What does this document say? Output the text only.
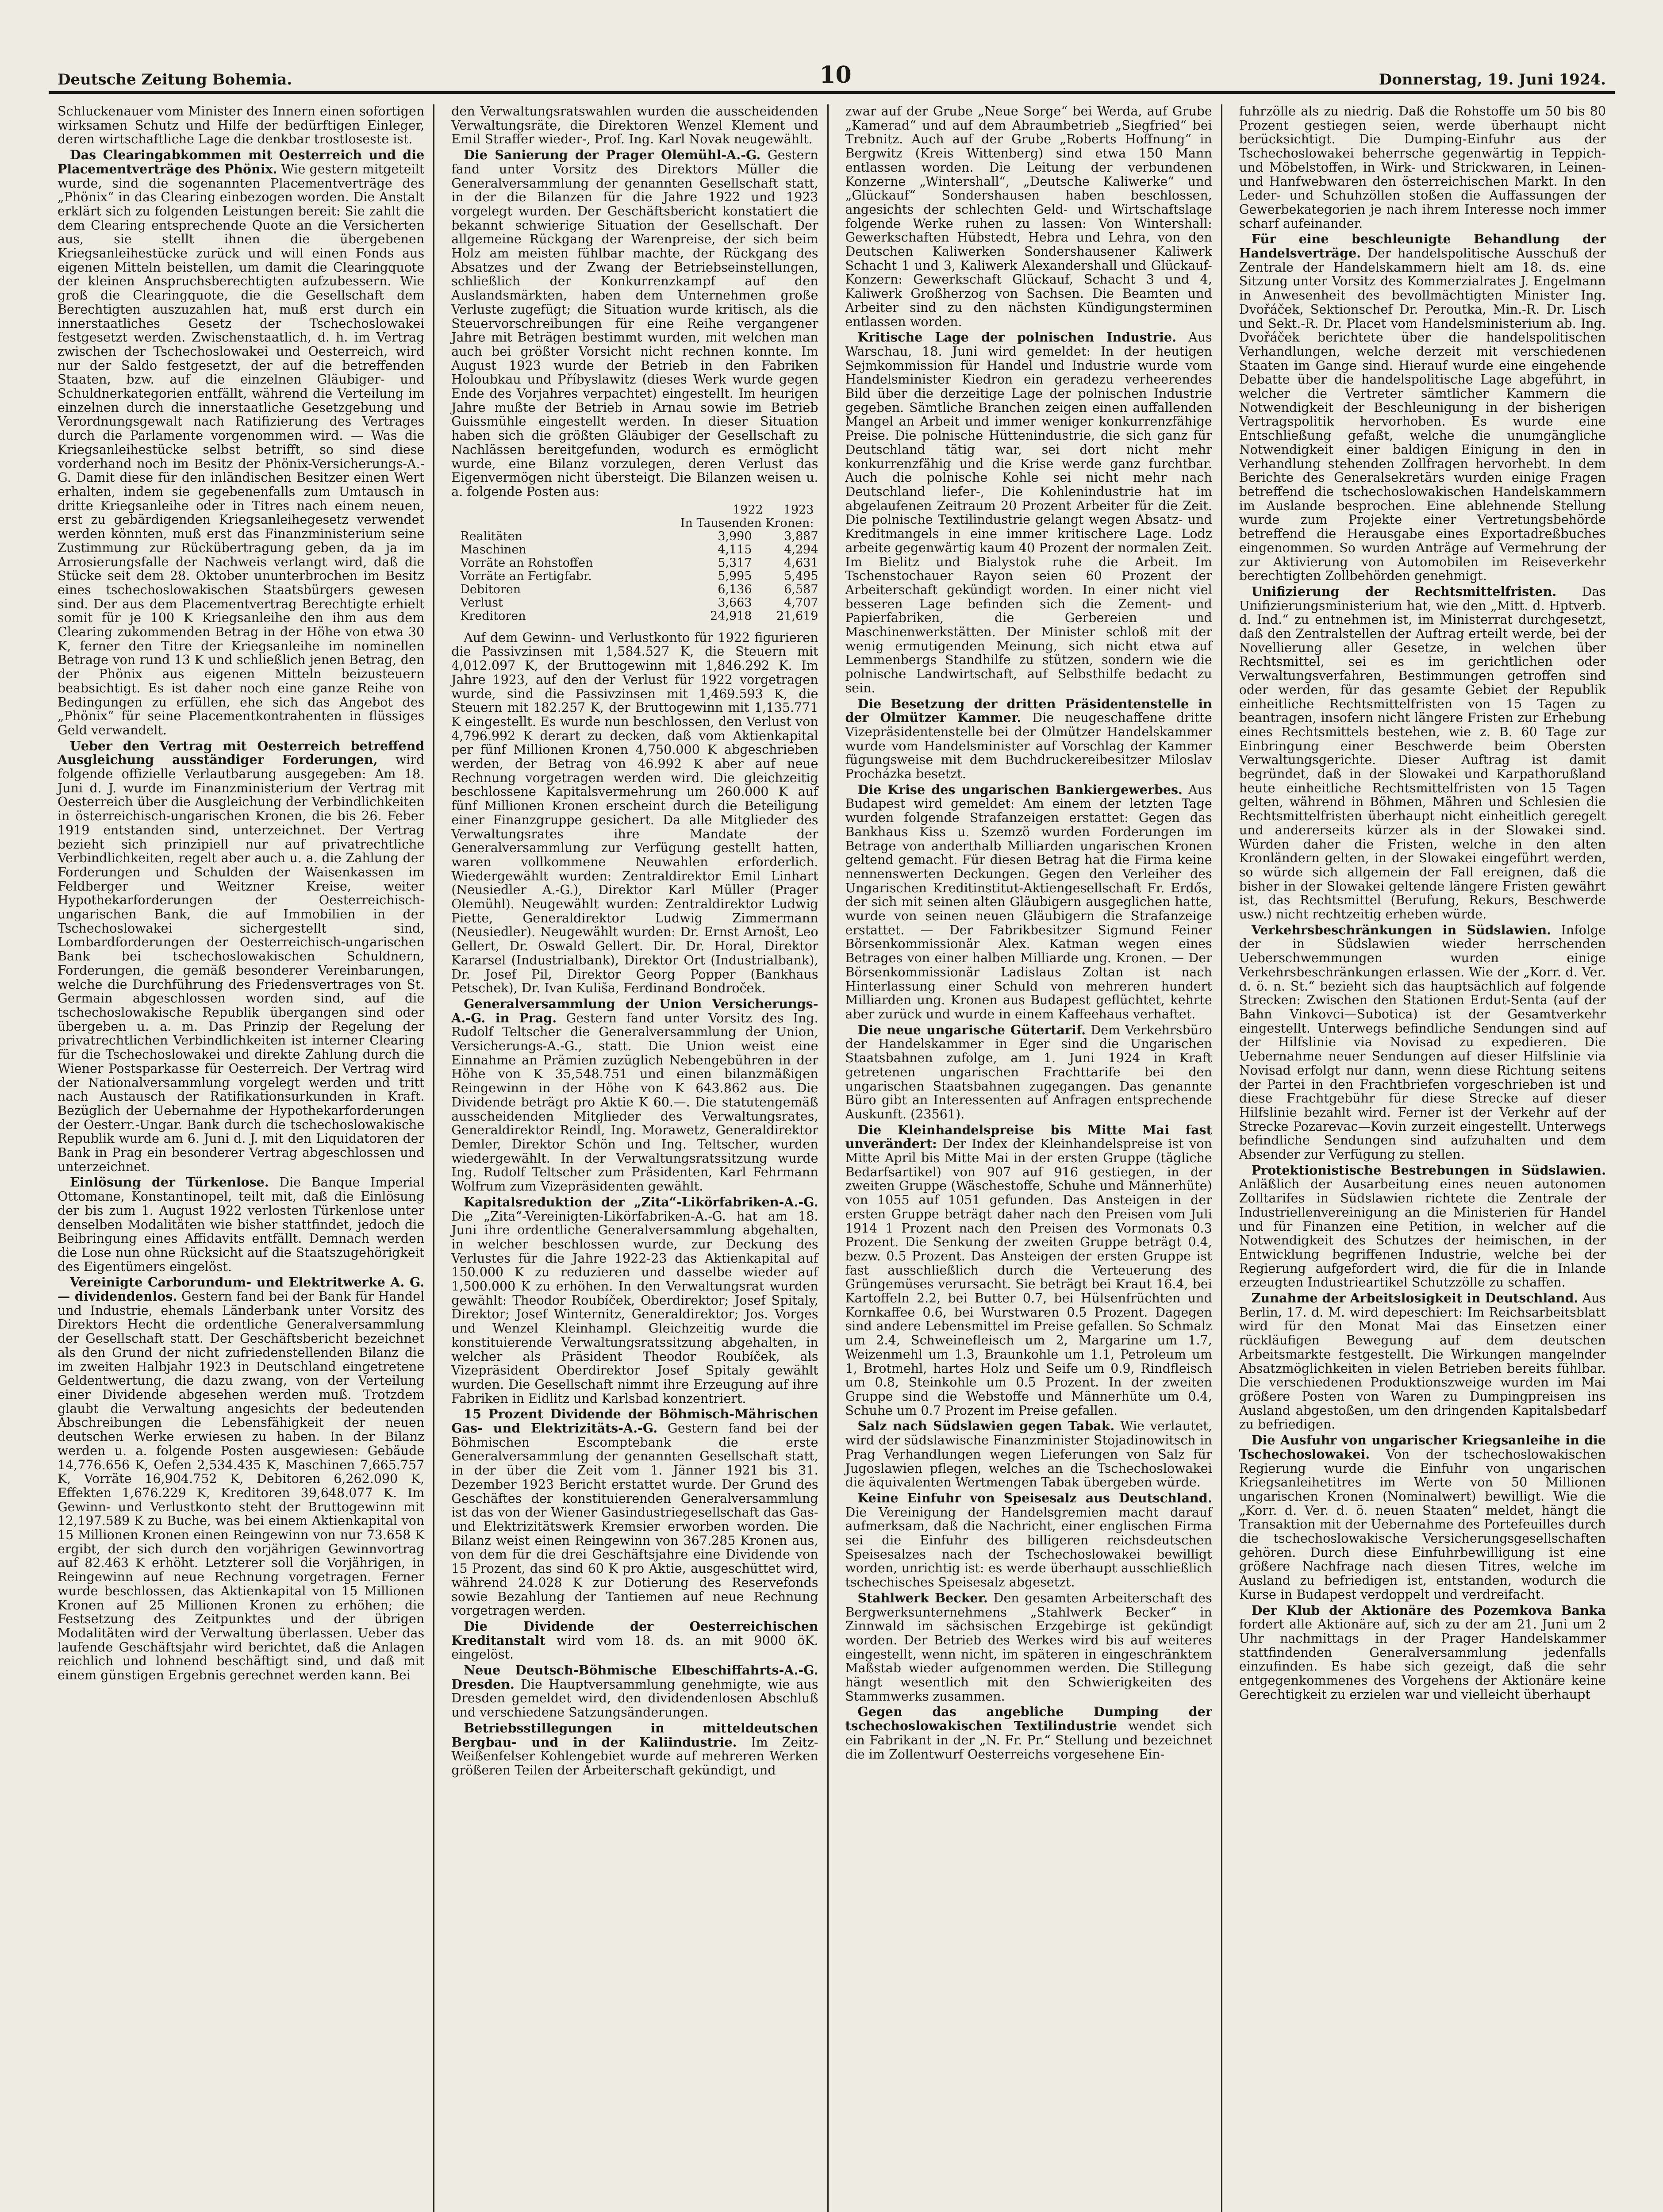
Deutsche Zeitung Bohemia.	10	Donnerstag, 19. Juni 1924.

Schluckenauer vom Minister des Innern einen sofortigen wirksamen Schutz und Hilfe der bedürftigen Einleger, deren wirtschaftliche Lage die denkbar trostloseste ist.

Das Clearingabkommen mit Oesterreich und die Placementverträge des Phönix. Wie gestern mitgeteilt wurde, sind die sogenannten Placementverträge des „Phönix“ in das Clearing einbezogen worden. Die Anstalt erklärt sich zu folgenden Leistungen bereit: Sie zahlt die dem Clearing entsprechende Quote an die Versicherten aus, sie stellt ihnen die übergebenen Kriegsanleihestücke zurück und will einen Fonds aus eigenen Mitteln beistellen, um damit die Clearingquote der kleinen Anspruchsberechtigten aufzubessern. Wie groß die Clearingquote, die die Gesellschaft dem Berechtigten auszuzahlen hat, muß erst durch ein innerstaatliches Gesetz der Tschechoslowakei festgesetzt werden. Zwischenstaatlich, d. h. im Vertrag zwischen der Tschechoslowakei und Oesterreich, wird nur der Saldo festgesetzt, der auf die betreffenden Staaten, bzw. auf die einzelnen Gläubiger- und Schuldnerkategorien entfällt, während die Verteilung im einzelnen durch die innerstaatliche Gesetzgebung und Verordnungsgewalt nach Ratifizierung des Vertrages durch die Parlamente vorgenommen wird. — Was die Kriegsanleihestücke selbst betrifft, so sind diese vorderhand noch im Besitz der Phönix-Versicherungs-A.-G. Damit diese für den inländischen Besitzer einen Wert erhalten, indem sie gegebenenfalls zum Umtausch in dritte Kriegsanleihe oder in Titres nach einem neuen, erst zu gebärdigenden Kriegsanleihegesetz verwendet werden könnten, muß erst das Finanzministerium seine Zustimmung zur Rückübertragung geben, da ja im Arrosierungsfalle der Nachweis verlangt wird, daß die Stücke seit dem 28. Oktober ununterbrochen im Besitz eines tschechoslowakischen Staatsbürgers gewesen sind. Der aus dem Placementvertrag Berechtigte erhielt somit für je 100 K Kriegsanleihe den ihm aus dem Clearing zukommenden Betrag in der Höhe von etwa 30 K, ferner den Titre der Kriegsanleihe im nominellen Betrage von rund 13 K und schließlich jenen Betrag, den der Phönix aus eigenen Mitteln beizusteuern beabsichtigt. Es ist daher noch eine ganze Reihe von Bedingungen zu erfüllen, ehe sich das Angebot des „Phönix“ für seine Placementkontrahenten in flüssiges Geld verwandelt.

Ueber den Vertrag mit Oesterreich betreffend Ausgleichung ausständiger Forderungen, wird folgende offizielle Verlautbarung ausgegeben: Am 18. Juni d. J. wurde im Finanzministerium der Vertrag mit Oesterreich über die Ausgleichung der Verbindlichkeiten in österreichisch-ungarischen Kronen, die bis 26. Feber 1919 entstanden sind, unterzeichnet. Der Vertrag bezieht sich prinzipiell nur auf privatrechtliche Verbindlichkeiten, regelt aber auch u. a. die Zahlung der Forderungen und Schulden der Waisenkassen im Feldberger und Weitzner Kreise, weiter Hypothekarforderungen der Oesterreichisch-ungarischen Bank, die auf Immobilien in der Tschechoslowakei sichergestellt sind, Lombardforderungen der Oesterreichisch-ungarischen Bank bei tschechoslowakischen Schuldnern, Forderungen, die gemäß besonderer Vereinbarungen, welche die Durchführung des Friedensvertrages von St. Germain abgeschlossen worden sind, auf die tschechoslowakische Republik übergangen sind oder übergeben u. a. m. Das Prinzip der Regelung der privatrechtlichen Verbindlichkeiten ist interner Clearing für die Tschechoslowakei und direkte Zahlung durch die Wiener Postsparkasse für Oesterreich. Der Vertrag wird der Nationalversammlung vorgelegt werden und tritt nach Austausch der Ratifikationsurkunden in Kraft. Bezüglich der Uebernahme der Hypothekarforderungen der Oesterr.-Ungar. Bank durch die tschechoslowakische Republik wurde am 6. Juni d. J. mit den Liquidatoren der Bank in Prag ein besonderer Vertrag abgeschlossen und unterzeichnet.

Einlösung der Türkenlose. Die Banque Imperial Ottomane, Konstantinopel, teilt mit, daß die Einlösung der bis zum 1. August 1922 verlosten Türkenlose unter denselben Modalitäten wie bisher stattfindet, jedoch die Beibringung eines Affidavits entfällt. Demnach werden die Lose nun ohne Rücksicht auf die Staatszugehörigkeit des Eigentümers eingelöst.

Vereinigte Carborundum- und Elektritwerke A. G. — dividendenlos. Gestern fand bei der Bank für Handel und Industrie, ehemals Länderbank unter Vorsitz des Direktors Hecht die ordentliche Generalversammlung der Gesellschaft statt. Der Geschäftsbericht bezeichnet als den Grund der nicht zufriedenstellenden Bilanz die im zweiten Halbjahr 1923 in Deutschland eingetretene Geldentwertung, die dazu zwang, von der Verteilung einer Dividende abgesehen werden muß. Trotzdem glaubt die Verwaltung angesichts der bedeutenden Abschreibungen die Lebensfähigkeit der neuen deutschen Werke erwiesen zu haben. In der Bilanz werden u. a. folgende Posten ausgewiesen: Gebäude 14,776.656 K, Oefen 2,534.435 K, Maschinen 7,665.757 K, Vorräte 16,904.752 K, Debitoren 6,262.090 K, Effekten 1,676.229 K, Kreditoren 39,648.077 K. Im Gewinn- und Verlustkonto steht der Bruttogewinn mit 12,197.589 K zu Buche, was bei einem Aktienkapital von 15 Millionen Kronen einen Reingewinn von nur 73.658 K ergibt, der sich durch den vorjährigen Gewinnvortrag auf 82.463 K erhöht. Letzterer soll die Vorjährigen, in Reingewinn auf neue Rechnung vorgetragen. Ferner wurde beschlossen, das Aktienkapital von 15 Millionen Kronen auf 25 Millionen Kronen zu erhöhen; die Festsetzung des Zeitpunktes und der übrigen Modalitäten wird der Verwaltung überlassen. Ueber das laufende Geschäftsjahr wird berichtet, daß die Anlagen reichlich und lohnend beschäftigt sind, und daß mit einem günstigen Ergebnis gerechnet werden kann. Bei

den Verwaltungsratswahlen wurden die ausscheidenden Verwaltungsräte, die Direktoren Wenzel Klement und Emil Straffer wieder-, Prof. Ing. Karl Novak neugewählt.

Die Sanierung der Prager Olemühl-A.-G. Gestern fand unter Vorsitz des Direktors Müller die Generalversammlung der genannten Gesellschaft statt, in der die Bilanzen für die Jahre 1922 und 1923 vorgelegt wurden. Der Geschäftsbericht konstatiert die bekannt schwierige Situation der Gesellschaft. Der allgemeine Rückgang der Warenpreise, der sich beim Holz am meisten fühlbar machte, der Rückgang des Absatzes und der Zwang der Betriebseinstellungen, schließlich der Konkurrenzkampf auf den Auslandsmärkten, haben dem Unternehmen große Verluste zugefügt; die Situation wurde kritisch, als die Steuervorschreibungen für eine Reihe vergangener Jahre mit Beträgen bestimmt wurden, mit welchen man auch bei größter Vorsicht nicht rechnen konnte. Im August 1923 wurde der Betrieb in den Fabriken Holoubkau und Příbyslawitz (dieses Werk wurde gegen Ende des Vorjahres verpachtet) eingestellt. Im heurigen Jahre mußte der Betrieb in Arnau sowie im Betrieb Guissmühle eingestellt werden. In dieser Situation haben sich die größten Gläubiger der Gesellschaft zu Nachlässen bereitgefunden, wodurch es ermöglicht wurde, eine Bilanz vorzulegen, deren Verlust das Eigenvermögen nicht übersteigt. Die Bilanzen weisen u. a. folgende Posten aus:

1922 1923
In Tausenden Kronen:
Realitäten	3,990	3,887
Maschinen	4,115	4,294
Vorräte an Rohstoffen	5,317	4,631
Vorräte an Fertigfabr.	5,995	5,495
Debitoren	6,136	6,587
Verlust	3,663	4,707
Kreditoren	24,918	21,619

Auf dem Gewinn- und Verlustkonto für 1922 figurieren die Passivzinsen mit 1,584.527 K, die Steuern mit 4,012.097 K, der Bruttogewinn mit 1,846.292 K. Im Jahre 1923, auf den der Verlust für 1922 vorgetragen wurde, sind die Passivzinsen mit 1,469.593 K, die Steuern mit 182.257 K, der Bruttogewinn mit 1,135.771 K eingestellt. Es wurde nun beschlossen, den Verlust von 4,796.992 K derart zu decken, daß vom Aktienkapital per fünf Millionen Kronen 4,750.000 K abgeschrieben werden, der Betrag von 46.992 K aber auf neue Rechnung vorgetragen werden wird. Die gleichzeitig beschlossene Kapitalsvermehrung um 260.000 K auf fünf Millionen Kronen erscheint durch die Beteiligung einer Finanzgruppe gesichert. Da alle Mitglieder des Verwaltungsrates ihre Mandate der Generalversammlung zur Verfügung gestellt hatten, waren vollkommene Neuwahlen erforderlich. Wiedergewählt wurden: Zentraldirektor Emil Linhart (Neusiedler A.-G.), Direktor Karl Müller (Prager Olemühl). Neugewählt wurden: Zentraldirektor Ludwig Piette, Generaldirektor Ludwig Zimmermann (Neusiedler). Neugewählt wurden: Dr. Ernst Arnošt, Leo Gellert, Dr. Oswald Gellert. Dir. Dr. Horal, Direktor Kararsel (Industrialbank), Direktor Ort (Industrialbank), Dr. Josef Pil, Direktor Georg Popper (Bankhaus Petschek), Dr. Ivan Kuliša, Ferdinand Bondroček.

Generalversammlung der Union Versicherungs-A.-G. in Prag. Gestern fand unter Vorsitz des Ing. Rudolf Teltscher die Generalversammlung der Union, Versicherungs-A.-G., statt. Die Union weist eine Einnahme an Prämien zuzüglich Nebengebühren in der Höhe von K 35,548.751 und einen bilanzmäßigen Reingewinn in der Höhe von K 643.862 aus. Die Dividende beträgt pro Aktie K 60.—. Die statutengemäß ausscheidenden Mitglieder des Verwaltungsrates, Generaldirektor Reindl, Ing. Morawetz, Generaldirektor Demler, Direktor Schön und Ing. Teltscher, wurden wiedergewählt. In der Verwaltungsratssitzung wurde Ing. Rudolf Teltscher zum Präsidenten, Karl Fehrmann Wolfrum zum Vizepräsidenten gewählt.

Kapitalsreduktion der „Zita“-Likörfabriken-A.-G. Die „Zita“-Vereinigten-Likörfabriken-A.-G. hat am 18. Juni ihre ordentliche Generalversammlung abgehalten, in welcher beschlossen wurde, zur Deckung des Verlustes für die Jahre 1922-23 das Aktienkapital auf 150.000 K zu reduzieren und dasselbe wieder auf 1,500.000 K zu erhöhen. In den Verwaltungsrat wurden gewählt: Theodor Roubíček, Oberdirektor; Josef Spitaly, Direktor; Josef Winternitz, Generaldirektor; Jos. Vorges und Wenzel Kleinhampl. Gleichzeitig wurde die konstituierende Verwaltungsratssitzung abgehalten, in welcher als Präsident Theodor Roubíček, als Vizepräsident Oberdirektor Josef Spitaly gewählt wurden. Die Gesellschaft nimmt ihre Erzeugung auf ihre Fabriken in Eidlitz und Karlsbad konzentriert.

15 Prozent Dividende der Böhmisch-Mährischen Gas- und Elektrizitäts-A.-G. Gestern fand bei der Böhmischen Escomptebank die erste Generalversammlung der genannten Gesellschaft statt, in der über die Zeit vom 1. Jänner 1921 bis 31. Dezember 1923 Bericht erstattet wurde. Der Grund des Geschäftes der konstituierenden Generalversammlung ist das von der Wiener Gasindustriegesellschaft das Gas- und Elektrizitätswerk Kremsier erworben worden. Die Bilanz weist einen Reingewinn von 367.285 Kronen aus, von dem für die drei Geschäftsjahre eine Dividende von 15 Prozent, das sind 60 K pro Aktie, ausgeschüttet wird, während 24.028 K zur Dotierung des Reservefonds sowie Bezahlung der Tantiemen auf neue Rechnung vorgetragen werden.

Die Dividende der Oesterreichischen Kreditanstalt wird vom 18. ds. an mit 9000 öK. eingelöst.

Neue Deutsch-Böhmische Elbeschiffahrts-A.-G. Dresden. Die Hauptversammlung genehmigte, wie aus Dresden gemeldet wird, den dividendenlosen Abschluß und verschiedene Satzungsänderungen.

Betriebsstillegungen in mitteldeutschen Bergbau- und in der Kaliindustrie. Im Zeitz-Weißenfelser Kohlengebiet wurde auf mehreren Werken größeren Teilen der Arbeiterschaft gekündigt, und

zwar auf der Grube „Neue Sorge“ bei Werda, auf Grube „Kamerad“ und auf dem Abraumbetrieb „Siegfried“ bei Trebnitz. Auch auf der Grube „Roberts Hoffnung“ in Bergwitz (Kreis Wittenberg) sind etwa 150 Mann entlassen worden. Die Leitung der verbundenen Konzerne „Wintershall“, „Deutsche Kaliwerke“ und „Glückauf“ Sondershausen haben beschlossen, angesichts der schlechten Geld- und Wirtschaftslage folgende Werke ruhen zu lassen: Von Wintershall: Gewerkschaften Hübstedt, Hebra und Lehra, von den Deutschen Kaliwerken Sondershausener Kaliwerk Schacht 1 und 3, Kaliwerk Alexandershall und Glückauf-Konzern: Gewerkschaft Glückauf, Schacht 3 und 4, Kaliwerk Großherzog von Sachsen. Die Beamten und Arbeiter sind zu den nächsten Kündigungsterminen entlassen worden.

Kritische Lage der polnischen Industrie. Aus Warschau, 18. Juni wird gemeldet: In der heutigen Sejmkommission für Handel und Industrie wurde vom Handelsminister Kiedron ein geradezu verheerendes Bild über die derzeitige Lage der polnischen Industrie gegeben. Sämtliche Branchen zeigen einen auffallenden Mangel an Arbeit und immer weniger konkurrenzfähige Preise. Die polnische Hüttenindustrie, die sich ganz für Deutschland tätig war, sei dort nicht mehr konkurrenzfähig und die Krise werde ganz furchtbar. Auch die polnische Kohle sei nicht mehr nach Deutschland liefer-, Die Kohlenindustrie hat im abgelaufenen Zeitraum 20 Prozent Arbeiter für die Zeit. Die polnische Textilindustrie gelangt wegen Absatz- und Kreditmangels in eine immer kritischere Lage. Lodz arbeite gegenwärtig kaum 40 Prozent der normalen Zeit. Im Bielitz und Bialystok ruhe die Arbeit. Im Tschenstochauer Rayon seien 60 Prozent der Arbeiterschaft gekündigt worden. In einer nicht viel besseren Lage befinden sich die Zement- und Papierfabriken, die Gerbereien und Maschinenwerkstätten. Der Minister schloß mit der wenig ermutigenden Meinung, sich nicht etwa auf Lemmenbergs Standhilfe zu stützen, sondern wie die polnische Landwirtschaft, auf Selbsthilfe bedacht zu sein.

Die Besetzung der dritten Präsidentenstelle in der Olmützer Kammer. Die neugeschaffene dritte Vizepräsidentenstelle bei der Olmützer Handelskammer wurde vom Handelsminister auf Vorschlag der Kammer fügungsweise mit dem Buchdruckereibesitzer Miloslav Procházka besetzt.

Die Krise des ungarischen Bankiergewerbes. Aus Budapest wird gemeldet: Am einem der letzten Tage wurden folgende Strafanzeigen erstattet: Gegen das Bankhaus Kiss u. Szemzö wurden Forderungen im Betrage von anderthalb Milliarden ungarischen Kronen geltend gemacht. Für diesen Betrag hat die Firma keine nennenswerten Deckungen. Gegen den Verleiher des Ungarischen Kreditinstitut-Aktiengesellschaft Fr. Erdős, der sich mit seinen alten Gläubigern ausgeglichen hatte, wurde von seinen neuen Gläubigern die Strafanzeige erstattet. — Der Fabrikbesitzer Sigmund Feiner Börsenkommissionär Alex. Katman wegen eines Betrages von einer halben Milliarde ung. Kronen. — Der Börsenkommissionär Ladislaus Zoltan ist nach Hinterlassung einer Schuld von mehreren hundert Milliarden ung. Kronen aus Budapest geflüchtet, kehrte aber zurück und wurde in einem Kaffeehaus verhaftet.

Die neue ungarische Gütertarif. Dem Verkehrsbüro der Handelskammer in Eger sind die Ungarischen Staatsbahnen zufolge, am 1. Juni 1924 in Kraft getretenen ungarischen Frachttarife bei den ungarischen Staatsbahnen zugegangen. Das genannte Büro gibt an Interessenten auf Anfragen entsprechende Auskunft. (23561).

Die Kleinhandelspreise bis Mitte Mai fast unverändert: Der Index der Kleinhandelspreise ist von Mitte April bis Mitte Mai in der ersten Gruppe (tägliche Bedarfsartikel) von 907 auf 916 gestiegen, in der zweiten Gruppe (Wäschestoffe, Schuhe und Männerhüte) von 1055 auf 1051 gefunden. Das Ansteigen in der ersten Gruppe beträgt daher nach den Preisen vom Juli 1914 1 Prozent nach den Preisen des Vormonats 0.3 Prozent. Die Senkung der zweiten Gruppe beträgt 0.4, bezw. 0.5 Prozent. Das Ansteigen der ersten Gruppe ist fast ausschließlich durch die Verteuerung des Grüngemüses verursacht. Sie beträgt bei Kraut 16.4, bei Kartoffeln 2.2, bei Butter 0.7, bei Hülsenfrüchten und Kornkaffee 0.6, bei Wurstwaren 0.5 Prozent. Dagegen sind andere Lebensmittel im Preise gefallen. So Schmalz um 2.4, Schweinefleisch um 2, Margarine um 1.7, Weizenmehl um 1.3, Braunkohle um 1.1, Petroleum um 1, Brotmehl, hartes Holz und Seife um 0.9, Rindfleisch um 0.8, Steinkohle um 0.5 Prozent. In der zweiten Gruppe sind die Webstoffe und Männerhüte um 0.4, Schuhe um 0.7 Prozent im Preise gefallen.

Salz nach Südslawien gegen Tabak. Wie verlautet, wird der südslawische Finanzminister Stojadinowitsch in Prag Verhandlungen wegen Lieferungen von Salz für Jugoslawien pflegen, welches an die Tschechoslowakei die äquivalenten Wertmengen Tabak übergeben würde.

Keine Einfuhr von Speisesalz aus Deutschland. Die Vereinigung der Handelsgremien macht darauf aufmerksam, daß die Nachricht, einer englischen Firma sei die Einfuhr des billigeren reichsdeutschen Speisesalzes nach der Tschechoslowakei bewilligt worden, unrichtig ist: es werde überhaupt ausschließlich tschechisches Speisesalz abgesetzt.

Stahlwerk Becker. Den gesamten Arbeiterschaft des Bergwerksunternehmens „Stahlwerk Becker“ in Zinnwald im sächsischen Erzgebirge ist gekündigt worden. Der Betrieb des Werkes wird bis auf weiteres eingestellt, wenn nicht, im späteren in eingeschränktem Maßstab wieder aufgenommen werden. Die Stillegung hängt wesentlich mit den Schwierigkeiten des Stammwerks zusammen.

Gegen das angebliche Dumping der tschechoslowakischen Textilindustrie wendet sich ein Fabrikant in der „N. Fr. Pr.“ Stellung und bezeichnet die im Zollentwurf Oesterreichs vorgesehene Ein-

fuhrzölle als zu niedrig. Daß die Rohstoffe um 50 bis 80 Prozent gestiegen seien, werde überhaupt nicht berücksichtigt. Die Dumping-Einfuhr aus der Tschechoslowakei beherrsche gegenwärtig in Teppich- und Möbelstoffen, in Wirk- und Strickwaren, in Leinen- und Hanfwebwaren den österreichischen Markt. In den Leder- und Schuhzöllen stoßen die Auffassungen der Gewerbekategorien je nach ihrem Interesse noch immer scharf aufeinander.

Für eine beschleunigte Behandlung der Handelsverträge. Der handelspolitische Ausschuß der Zentrale der Handelskammern hielt am 18. ds. eine Sitzung unter Vorsitz des Kommerzialrates J. Engelmann in Anwesenheit des bevollmächtigten Minister Ing. Dvořáček, Sektionschef Dr. Peroutka, Min.-R. Dr. Lisch und Sekt.-R. Dr. Placet vom Handelsministerium ab. Ing. Dvořáček berichtete über die handelspolitischen Verhandlungen, welche derzeit mit verschiedenen Staaten im Gange sind. Hierauf wurde eine eingehende Debatte über die handelspolitische Lage abgeführt, in welcher die Vertreter sämtlicher Kammern die Notwendigkeit der Beschleunigung in der bisherigen Vertragspolitik hervorhoben. Es wurde eine Entschließung gefaßt, welche die unumgängliche Notwendigkeit einer baldigen Einigung in den in Verhandlung stehenden Zollfragen hervorhebt. In dem Berichte des Generalsekretärs wurden einige Fragen betreffend die tschechoslowakischen Handelskammern im Auslande besprochen. Eine ablehnende Stellung wurde zum Projekte einer Vertretungsbehörde betreffend die Herausgabe eines Exportadreßbuches eingenommen. So wurden Anträge auf Vermehrung der zur Aktivierung von Automobilen im Reiseverkehr berechtigten Zollbehörden genehmigt.

Unifizierung der Rechtsmittelfristen. Das Unifizierungsministerium hat, wie den „Mitt. d. Hptverb. d. Ind.“ zu entnehmen ist, im Ministerrat durchgesetzt, daß den Zentralstellen der Auftrag erteilt werde, bei der Novellierung aller Gesetze, in welchen über Rechtsmittel, sei es im gerichtlichen oder Verwaltungsverfahren, Bestimmungen getroffen sind oder werden, für das gesamte Gebiet der Republik einheitliche Rechtsmittelfristen von 15 Tagen zu beantragen, insofern nicht längere Fristen zur Erhebung eines Rechtsmittels bestehen, wie z. B. 60 Tage zur Einbringung einer Beschwerde beim Obersten Verwaltungsgerichte. Dieser Auftrag ist damit begründet, daß in der Slowakei und Karpathorußland heute einheitliche Rechtsmittelfristen von 15 Tagen gelten, während in Böhmen, Mähren und Schlesien die Rechtsmittelfristen überhaupt nicht einheitlich geregelt und andererseits kürzer als in der Slowakei sind. Würden daher die Fristen, welche in den alten Kronländern gelten, in der Slowakei eingeführt werden, so würde sich allgemein der Fall ereignen, daß die bisher in der Slowakei geltende längere Fristen gewährt ist, das Rechtsmittel (Berufung, Rekurs, Beschwerde usw.) nicht rechtzeitig erheben würde.

Verkehrsbeschränkungen in Südslawien. Infolge der in Südslawien wieder herrschenden Ueberschwemmungen wurden einige Verkehrsbeschränkungen erlassen. Wie der „Korr. d. Ver. d. ö. n. St.“ bezieht sich das hauptsächlich auf folgende Strecken: Zwischen den Stationen Erdut-Senta (auf der Bahn Vinkovci—Subotica) ist der Gesamtverkehr eingestellt. Unterwegs befindliche Sendungen sind auf der Hilfslinie via Novisad zu expedieren. Die Uebernahme neuer Sendungen auf dieser Hilfslinie via Novisad erfolgt nur dann, wenn diese Richtung seitens der Partei in den Frachtbriefen vorgeschrieben ist und diese Frachtgebühr für diese Strecke auf dieser Hilfslinie bezahlt wird. Ferner ist der Verkehr auf der Strecke Pozarevac—Kovin zurzeit eingestellt. Unterwegs befindliche Sendungen sind aufzuhalten und dem Absender zur Verfügung zu stellen.

Protektionistische Bestrebungen in Südslawien. Anläßlich der Ausarbeitung eines neuen autonomen Zolltarifes in Südslawien richtete die Zentrale der Industriellenvereinigung an die Ministerien für Handel und für Finanzen eine Petition, in welcher auf die Notwendigkeit des Schutzes der heimischen, in der Entwicklung begriffenen Industrie, welche bei der Regierung aufgefordert wird, die für die in Inlande erzeugten Industrieartikel Schutzzölle zu schaffen.

Zunahme der Arbeitslosigkeit in Deutschland. Aus Berlin, 17. d. M. wird depeschiert: Im Reichsarbeitsblatt wird für den Monat Mai das Einsetzen einer rückläufigen Bewegung auf dem deutschen Arbeitsmarkte festgestellt. Die Wirkungen mangelnder Absatzmöglichkeiten in vielen Betrieben bereits fühlbar. Die verschiedenen Produktionszweige wurden im Mai größere Posten von Waren zu Dumpingpreisen ins Ausland abgestoßen, um den dringenden Kapitalsbedarf zu befriedigen.

Die Ausfuhr von ungarischer Kriegsanleihe in die Tschechoslowakei. Von der tschechoslowakischen Regierung wurde die Einfuhr von ungarischen Kriegsanleihetitres im Werte von 50 Millionen ungarischen Kronen (Nominalwert) bewilligt. Wie die „Korr. d. Ver. d. ö. neuen Staaten“ meldet, hängt die Transaktion mit der Uebernahme des Portefeuilles durch die tschechoslowakische Versicherungsgesellschaften gehören. Durch diese Einfuhrbewilligung ist eine größere Nachfrage nach diesen Titres, welche im Ausland zu befriedigen ist, entstanden, wodurch die Kurse in Budapest verdoppelt und verdreifacht.

Der Klub der Aktionäre des Pozemkova Banka fordert alle Aktionäre auf, sich zu der am 21. Juni um 2 Uhr nachmittags in der Prager Handelskammer stattfindenden Generalversammlung jedenfalls einzufinden. Es habe sich gezeigt, daß die sehr entgegenkommenes des Vorgehens der Aktionäre keine Gerechtigkeit zu erzielen war und vielleicht überhaupt
